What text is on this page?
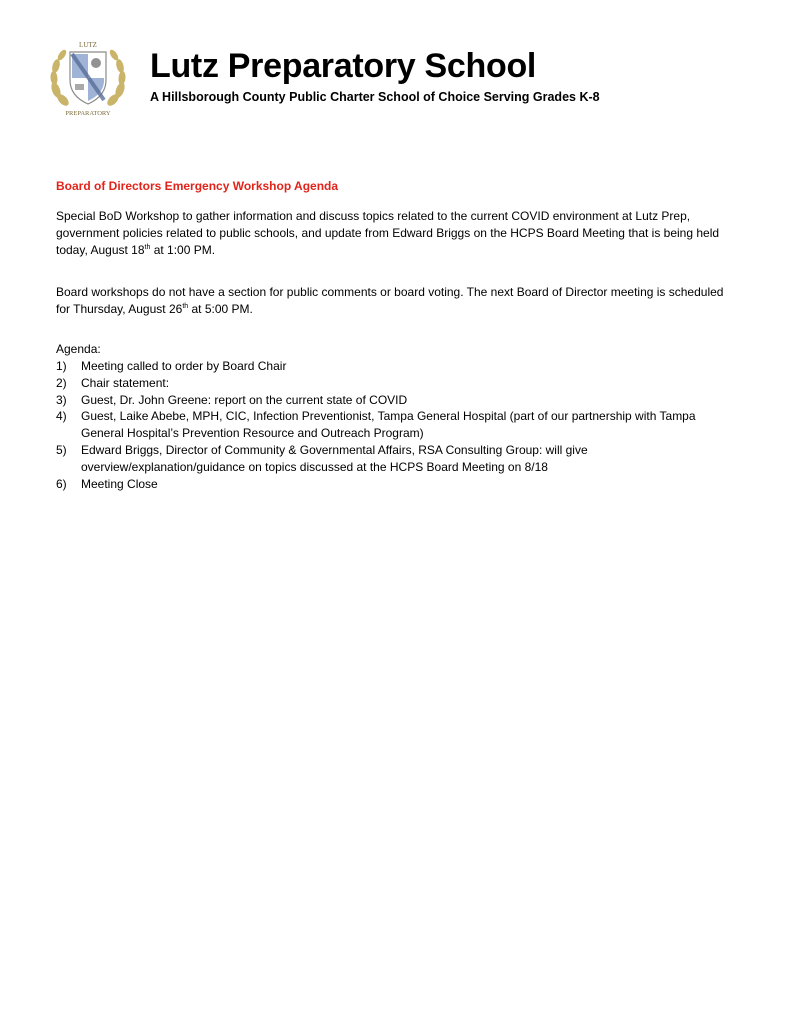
LUTZ
PREPARATORY
Lutz Preparatory School

A Hillsborough County Public Charter School of Choice Serving Grades K-8

Board of Directors Emergency Workshop Agenda

Special BoD Workshop to gather information and discuss topics related to the current COVID environment at Lutz Prep, government policies related to public schools, and update from Edward Briggs on the HCPS Board Meeting that is being held today, August 18th at 1:00 PM.

Board workshops do not have a section for public comments or board voting. The next Board of Director meeting is scheduled for Thursday, August 26th at 5:00 PM.

Agenda:

1) Meeting called to order by Board Chair
2) Chair statement:
3) Guest, Dr. John Greene: report on the current state of COVID
4) Guest, Laike Abebe, MPH, CIC, Infection Preventionist, Tampa General Hospital (part of our partnership with Tampa General Hospital’s Prevention Resource and Outreach Program)
5) Edward Briggs, Director of Community & Governmental Affairs, RSA Consulting Group: will give overview/explanation/guidance on topics discussed at the HCPS Board Meeting on 8/18
6) Meeting Close
